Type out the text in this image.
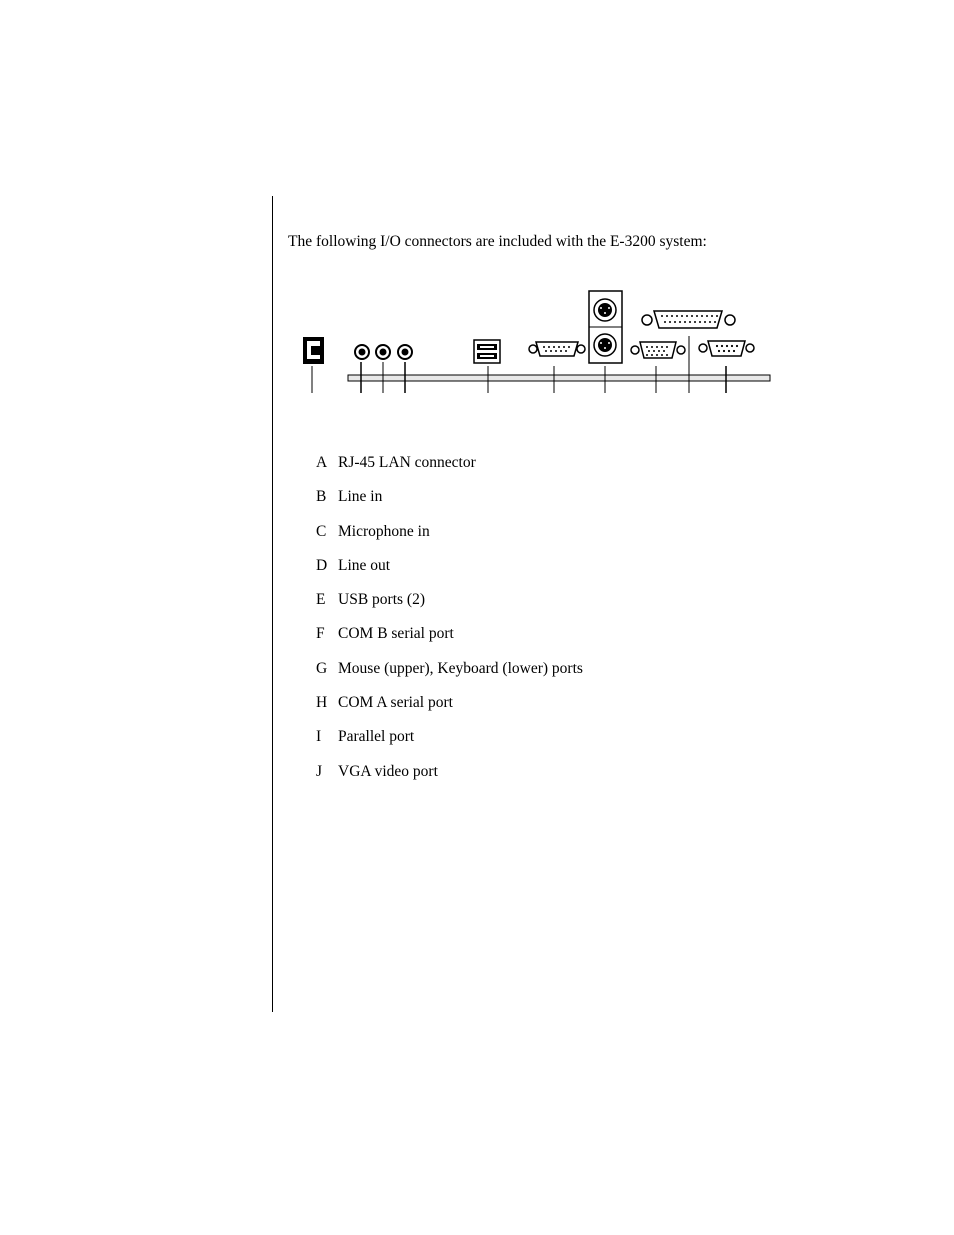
The following I/O connectors are included with the E-3200 system:

A RJ-45 LAN connector
B Line in
C Microphone in
D Line out
E USB ports (2)
F COM B serial port
G Mouse (upper), Keyboard (lower) ports
H COM A serial port
I	Parallel port
J	VGA video port
